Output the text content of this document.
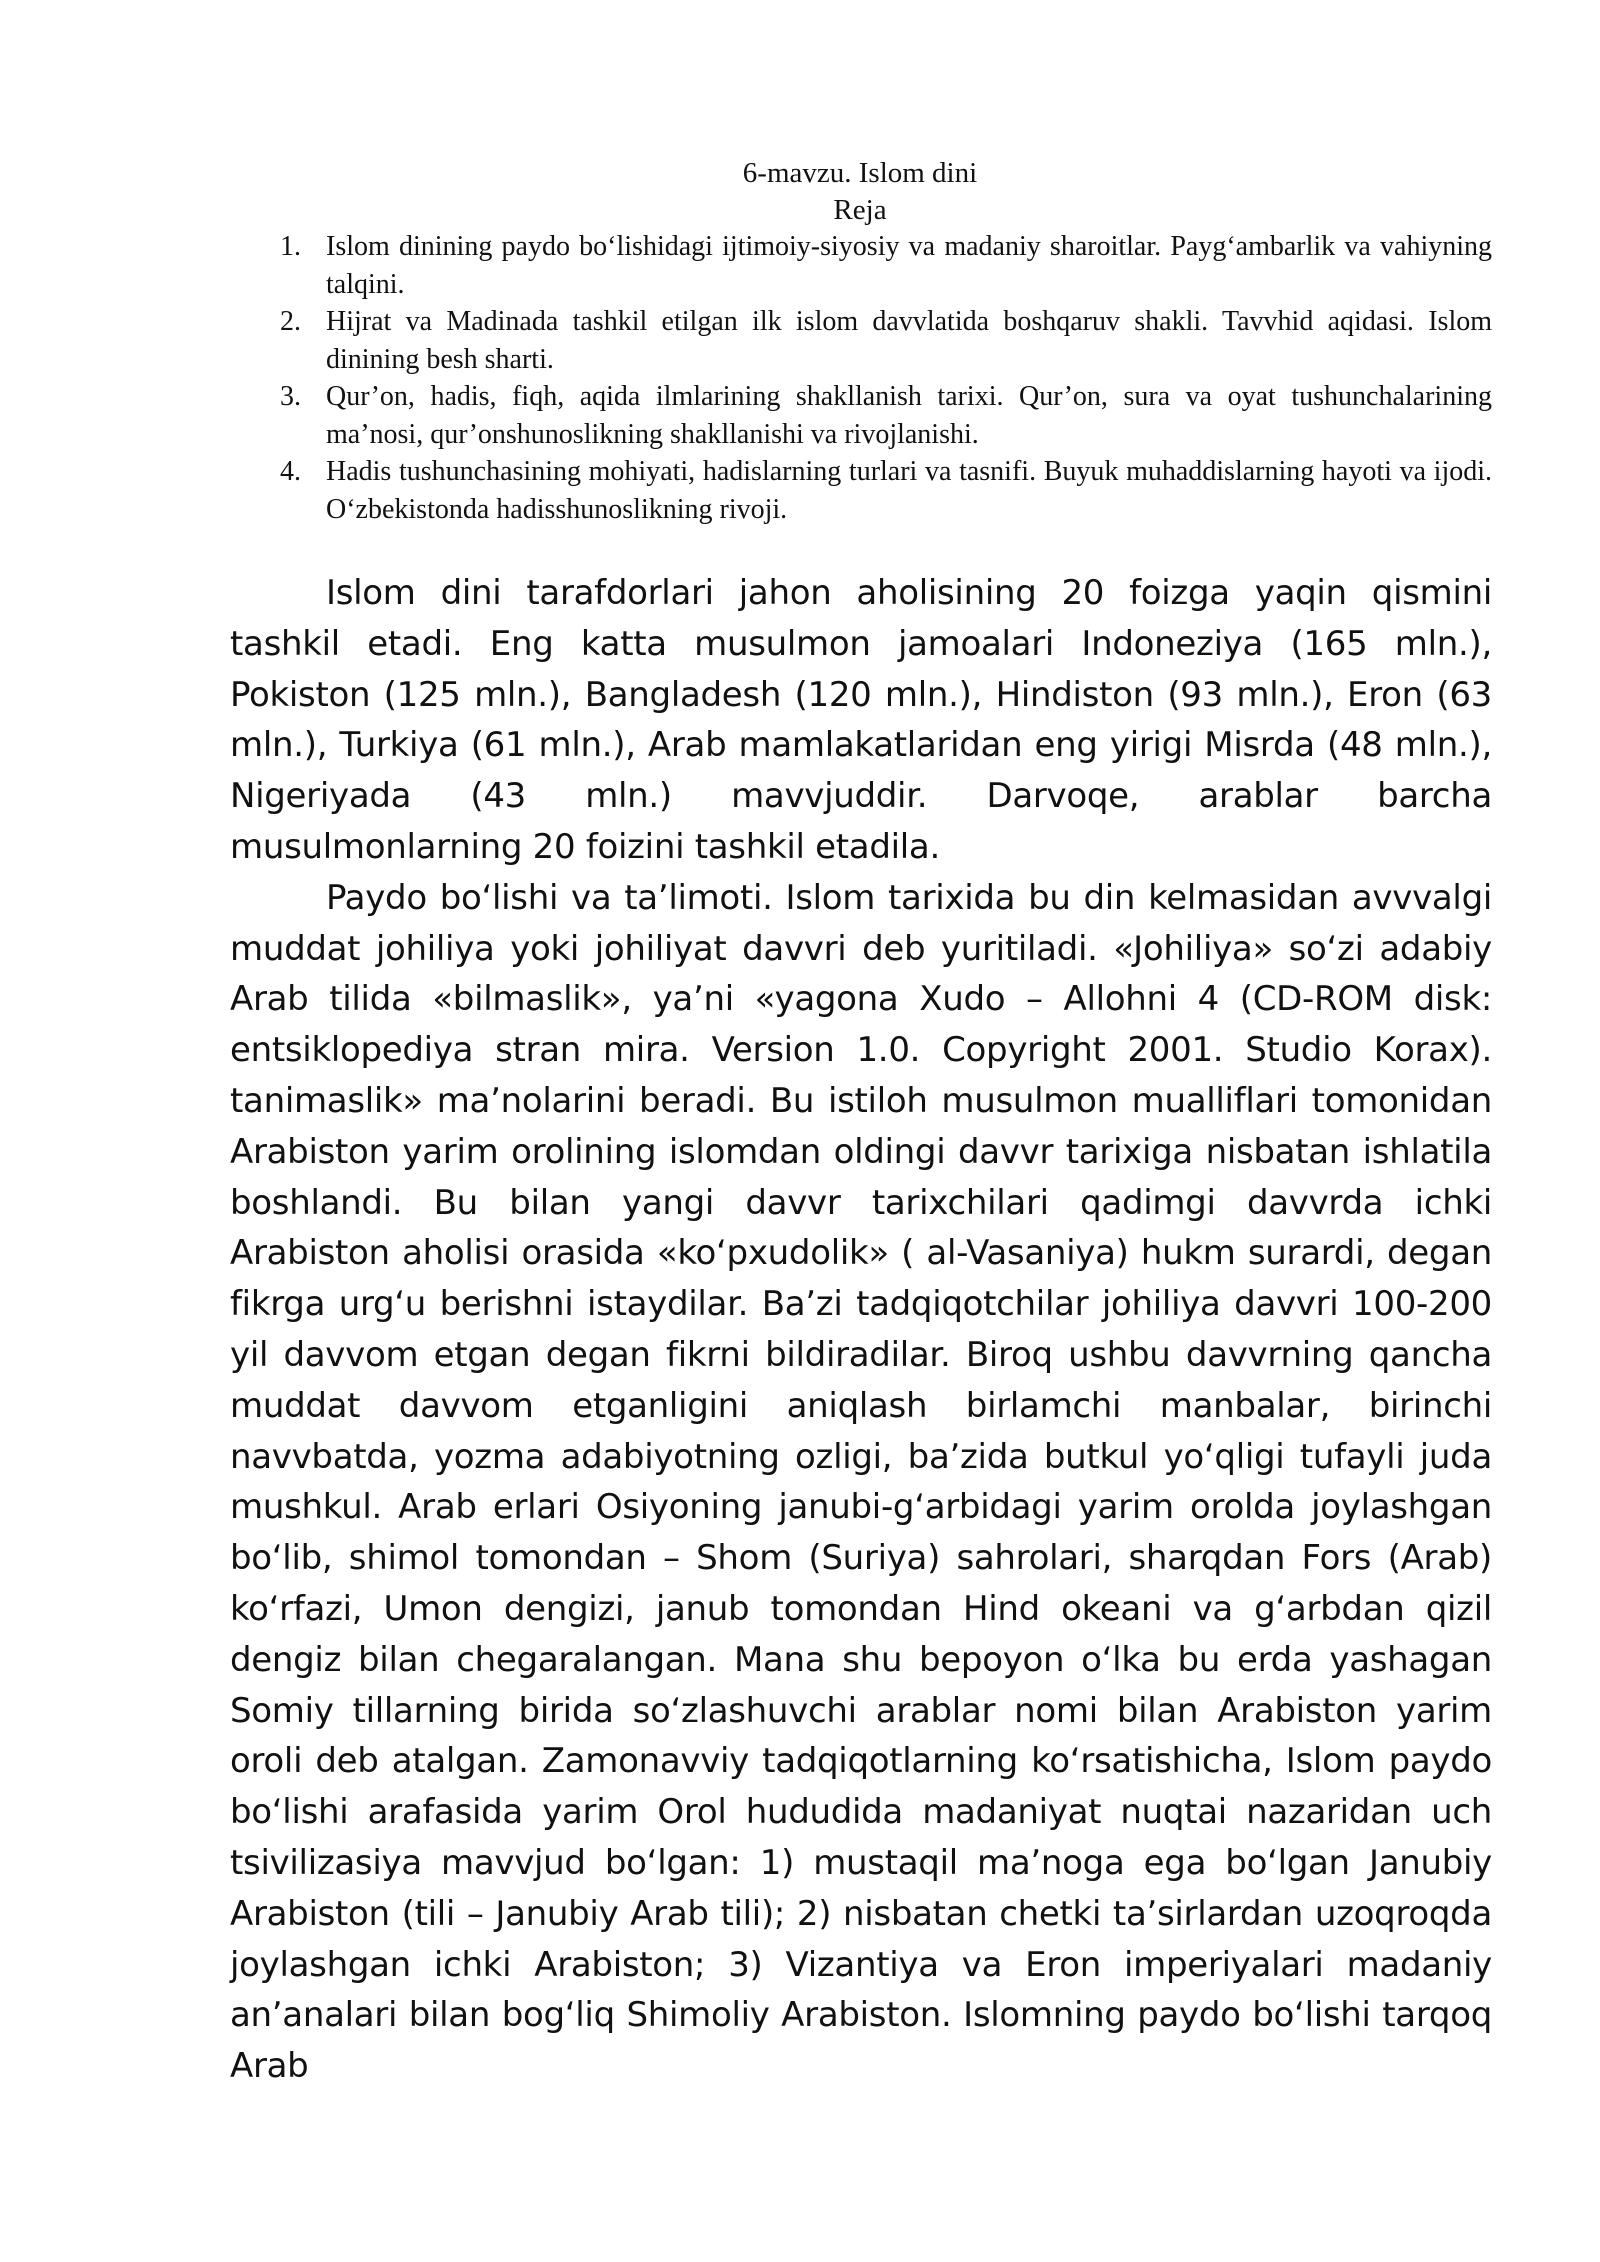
6-mavzu. Islom dini
Reja
1. Islom dinining paydo boʻlishidagi ijtimoiy-siyosiy va madaniy sharoitlar. Paygʻambarlik va vahiyning talqini.
2. Hijrat va Madinada tashkil etilgan ilk islom davvlatida boshqaruv shakli. Tavvhid aqidasi. Islom dinining besh sharti.
3. Qur’on, hadis, fiqh, aqida ilmlarining shakllanish tarixi. Qur’on, sura va oyat tushunchalarining ma’nosi, qur’onshunoslikning shakllanishi va rivojlanishi.
4. Hadis tushunchasining mohiyati, hadislarning turlari va tasnifi. Buyuk muhaddislarning hayoti va ijodi. Oʻzbekistonda hadisshunoslikning rivoji.

Islom dini tarafdorlari jahon aholisining 20 foizga yaqin qismini tashkil etadi. Eng katta musulmon jamoalari Indoneziya (165 mln.), Pokiston (125 mln.), Bangladesh (120 mln.), Hindiston (93 mln.), Eron (63 mln.), Turkiya (61 mln.), Arab mamlakatlaridan eng yirigi Misrda (48 mln.), Nigeriyada (43 mln.) mavvjuddir. Darvoqe, arablar barcha musulmonlarning 20 foizini tashkil etadila.

Paydo boʻlishi va ta’limoti. Islom tarixida bu din kelmasidan avvvalgi muddat johiliya yoki johiliyat davvri deb yuritiladi. «Johiliya» soʻzi adabiy Arab tilida «bilmaslik», ya’ni «yagona Xudo – Allohni 4 (CD-ROM disk: entsiklopediya stran mira. Version 1.0. Copyright 2001. Studio Korax). tanimaslik» ma’nolarini beradi. Bu istiloh musulmon mualliflari tomonidan Arabiston yarim orolining islomdan oldingi davvr tarixiga nisbatan ishlatila boshlandi. Bu bilan yangi davvr tarixchilari qadimgi davvrda ichki Arabiston aholisi orasida «koʻpxudolik» ( al-Vasaniya) hukm surardi, degan fikrga urgʻu berishni istaydilar. Ba’zi tadqiqotchilar johiliya davvri 100-200 yil davvom etgan degan fikrni bildiradilar. Biroq ushbu davvrning qancha muddat davvom etganligini aniqlash birlamchi manbalar, birinchi navvbatda, yozma adabiyotning ozligi, ba’zida butkul yoʻqligi tufayli juda mushkul. Arab erlari Osiyoning janubi-gʻarbidagi yarim orolda joylashgan boʻlib, shimol tomondan – Shom (Suriya) sahrolari, sharqdan Fors (Arab) koʻrfazi, Umon dengizi, janub tomondan Hind okeani va gʻarbdan qizil dengiz bilan chegaralangan. Mana shu bepoyon oʻlka bu erda yashagan Somiy tillarning birida soʻzlashuvchi arablar nomi bilan Arabiston yarim oroli deb atalgan. Zamonavviy tadqiqotlarning koʻrsatishicha, Islom paydo boʻlishi arafasida yarim Orol hududida madaniyat nuqtai nazaridan uch tsivilizasiya mavvjud boʻlgan: 1) mustaqil ma’noga ega boʻlgan Janubiy Arabiston (tili – Janubiy Arab tili); 2) nisbatan chetki ta’sirlardan uzoqroqda joylashgan ichki Arabiston; 3) Vizantiya va Eron imperiyalari madaniy an’analari bilan bogʻliq Shimoliy Arabiston. Islomning paydo boʻlishi tarqoq Arab
